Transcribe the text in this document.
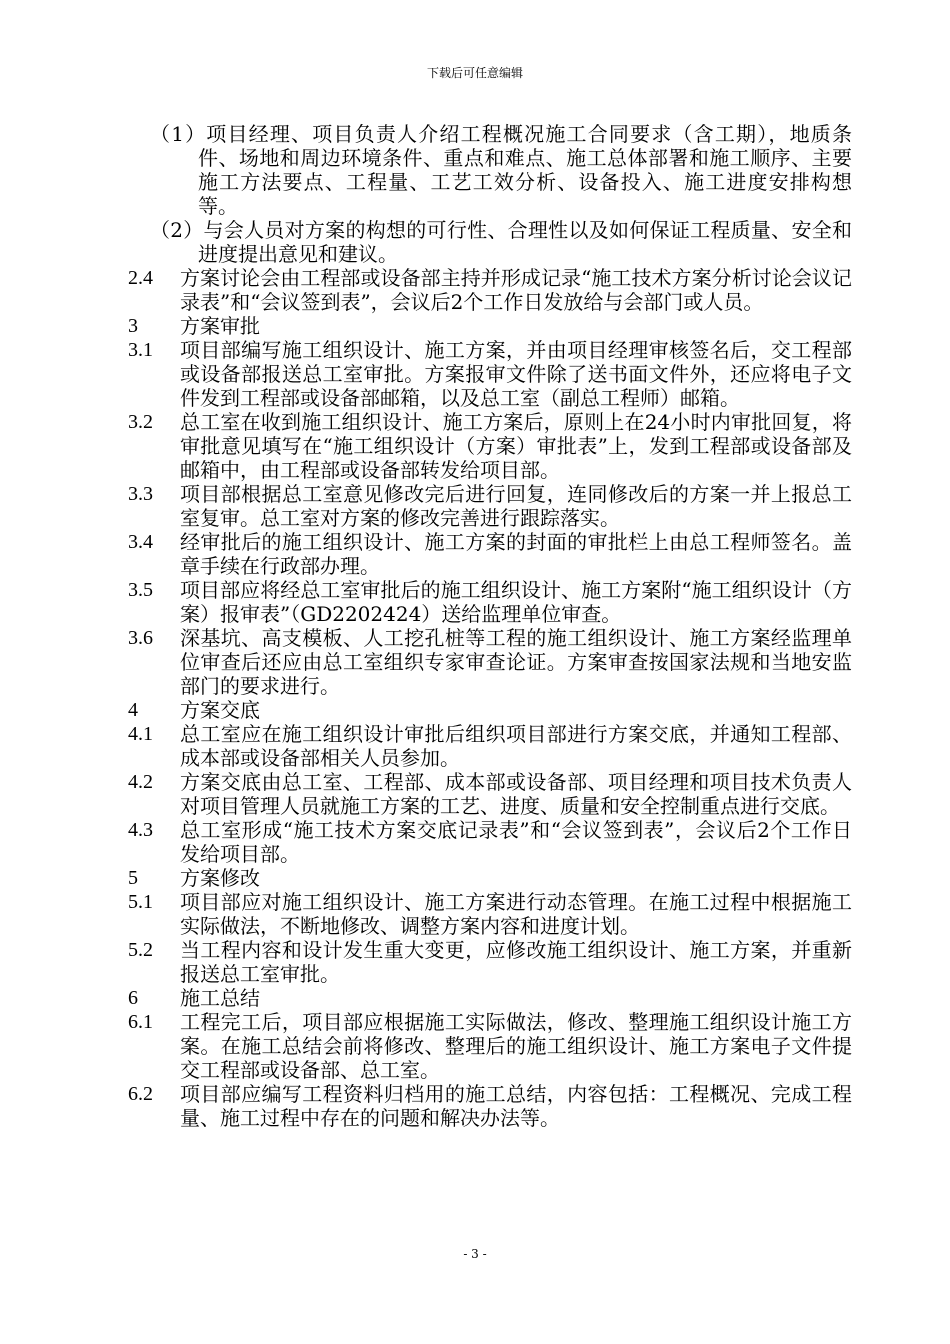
下载后可任意编辑
（1）项目经理、项目负责人介绍工程概况施工合同要求（含工期），地质条件、场地和周边环境条件、重点和难点、施工总体部署和施工顺序、主要施工方法要点、工程量、工艺工效分析、设备投入、施工进度安排构想等。
（2）与会人员对方案的构想的可行性、合理性以及如何保证工程质量、安全和进度提出意见和建议。
2.4 方案讨论会由工程部或设备部主持并形成记录“施工技术方案分析讨论会议记录表”和“会议签到表”，会议后2个工作日发放给与会部门或人员。
3 方案审批
3.1 项目部编写施工组织设计、施工方案，并由项目经理审核签名后，交工程部或设备部报送总工室审批。方案报审文件除了送书面文件外，还应将电子文件发到工程部或设备部邮箱，以及总工室（副总工程师）邮箱。
3.2 总工室在收到施工组织设计、施工方案后，原则上在24小时内审批回复，将审批意见填写在“施工组织设计（方案）审批表”上，发到工程部或设备部及邮箱中，由工程部或设备部转发给项目部。
3.3 项目部根据总工室意见修改完后进行回复，连同修改后的方案一并上报总工室复审。总工室对方案的修改完善进行跟踪落实。
3.4 经审批后的施工组织设计、施工方案的封面的审批栏上由总工程师签名。盖章手续在行政部办理。
3.5 项目部应将经总工室审批后的施工组织设计、施工方案附“施工组织设计（方案）报审表”（GD2202424）送给监理单位审查。
3.6 深基坑、高支模板、人工挖孔桩等工程的施工组织设计、施工方案经监理单位审查后还应由总工室组织专家审查论证。方案审查按国家法规和当地安监部门的要求进行。
4 方案交底
4.1 总工室应在施工组织设计审批后组织项目部进行方案交底，并通知工程部、成本部或设备部相关人员参加。
4.2 方案交底由总工室、工程部、成本部或设备部、项目经理和项目技术负责人对项目管理人员就施工方案的工艺、进度、质量和安全控制重点进行交底。
4.3 总工室形成“施工技术方案交底记录表”和“会议签到表”，会议后2个工作日发给项目部。
5 方案修改
5.1 项目部应对施工组织设计、施工方案进行动态管理。在施工过程中根据施工实际做法，不断地修改、调整方案内容和进度计划。
5.2 当工程内容和设计发生重大变更，应修改施工组织设计、施工方案，并重新报送总工室审批。
6 施工总结
6.1 工程完工后，项目部应根据施工实际做法，修改、整理施工组织设计施工方案。在施工总结会前将修改、整理后的施工组织设计、施工方案电子文件提交工程部或设备部、总工室。
6.2 项目部应编写工程资料归档用的施工总结，内容包括：工程概况、完成工程量、施工过程中存在的问题和解决办法等。
- 3 -
